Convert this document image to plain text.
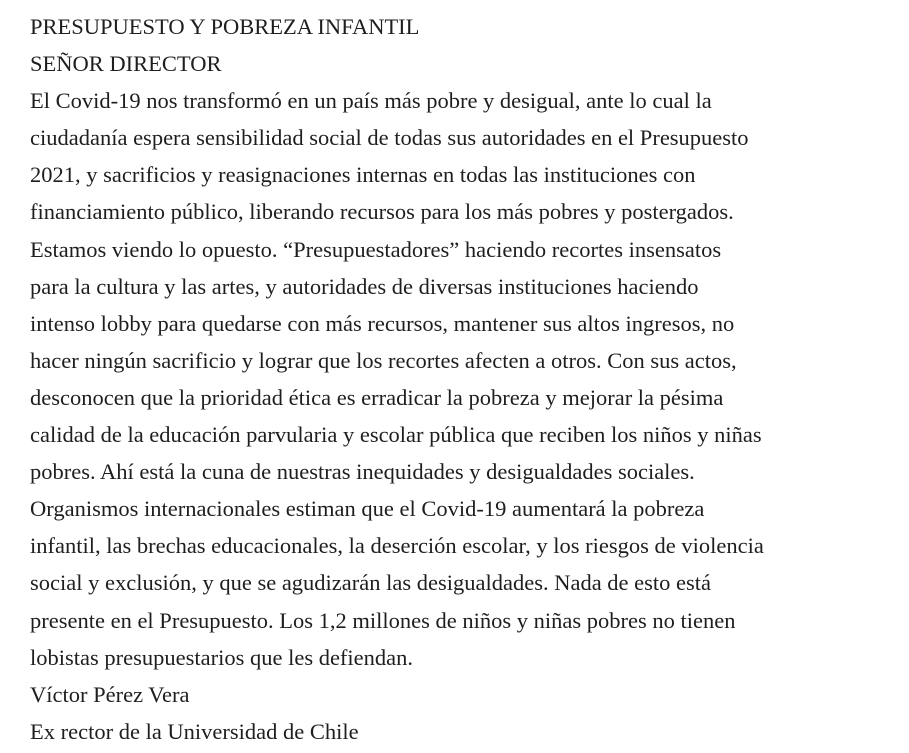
PRESUPUESTO Y POBREZA INFANTIL
SEÑOR DIRECTOR
El Covid-19 nos transformó en un país más pobre y desigual, ante lo cual la
ciudadanía espera sensibilidad social de todas sus autoridades en el Presupuesto
2021, y sacrificios y reasignaciones internas en todas las instituciones con
financiamiento público, liberando recursos para los más pobres y postergados.
Estamos viendo lo opuesto. “Presupuestadores” haciendo recortes insensatos
para la cultura y las artes, y autoridades de diversas instituciones haciendo
intenso lobby para quedarse con más recursos, mantener sus altos ingresos, no
hacer ningún sacrificio y lograr que los recortes afecten a otros. Con sus actos,
desconocen que la prioridad ética es erradicar la pobreza y mejorar la pésima
calidad de la educación parvularia y escolar pública que reciben los niños y niñas
pobres. Ahí está la cuna de nuestras inequidades y desigualdades sociales.
Organismos internacionales estiman que el Covid-19 aumentará la pobreza
infantil, las brechas educacionales, la deserción escolar, y los riesgos de violencia
social y exclusión, y que se agudizarán las desigualdades. Nada de esto está
presente en el Presupuesto. Los 1,2 millones de niños y niñas pobres no tienen
lobistas presupuestarios que les defiendan.
Víctor Pérez Vera
Ex rector de la Universidad de Chile
